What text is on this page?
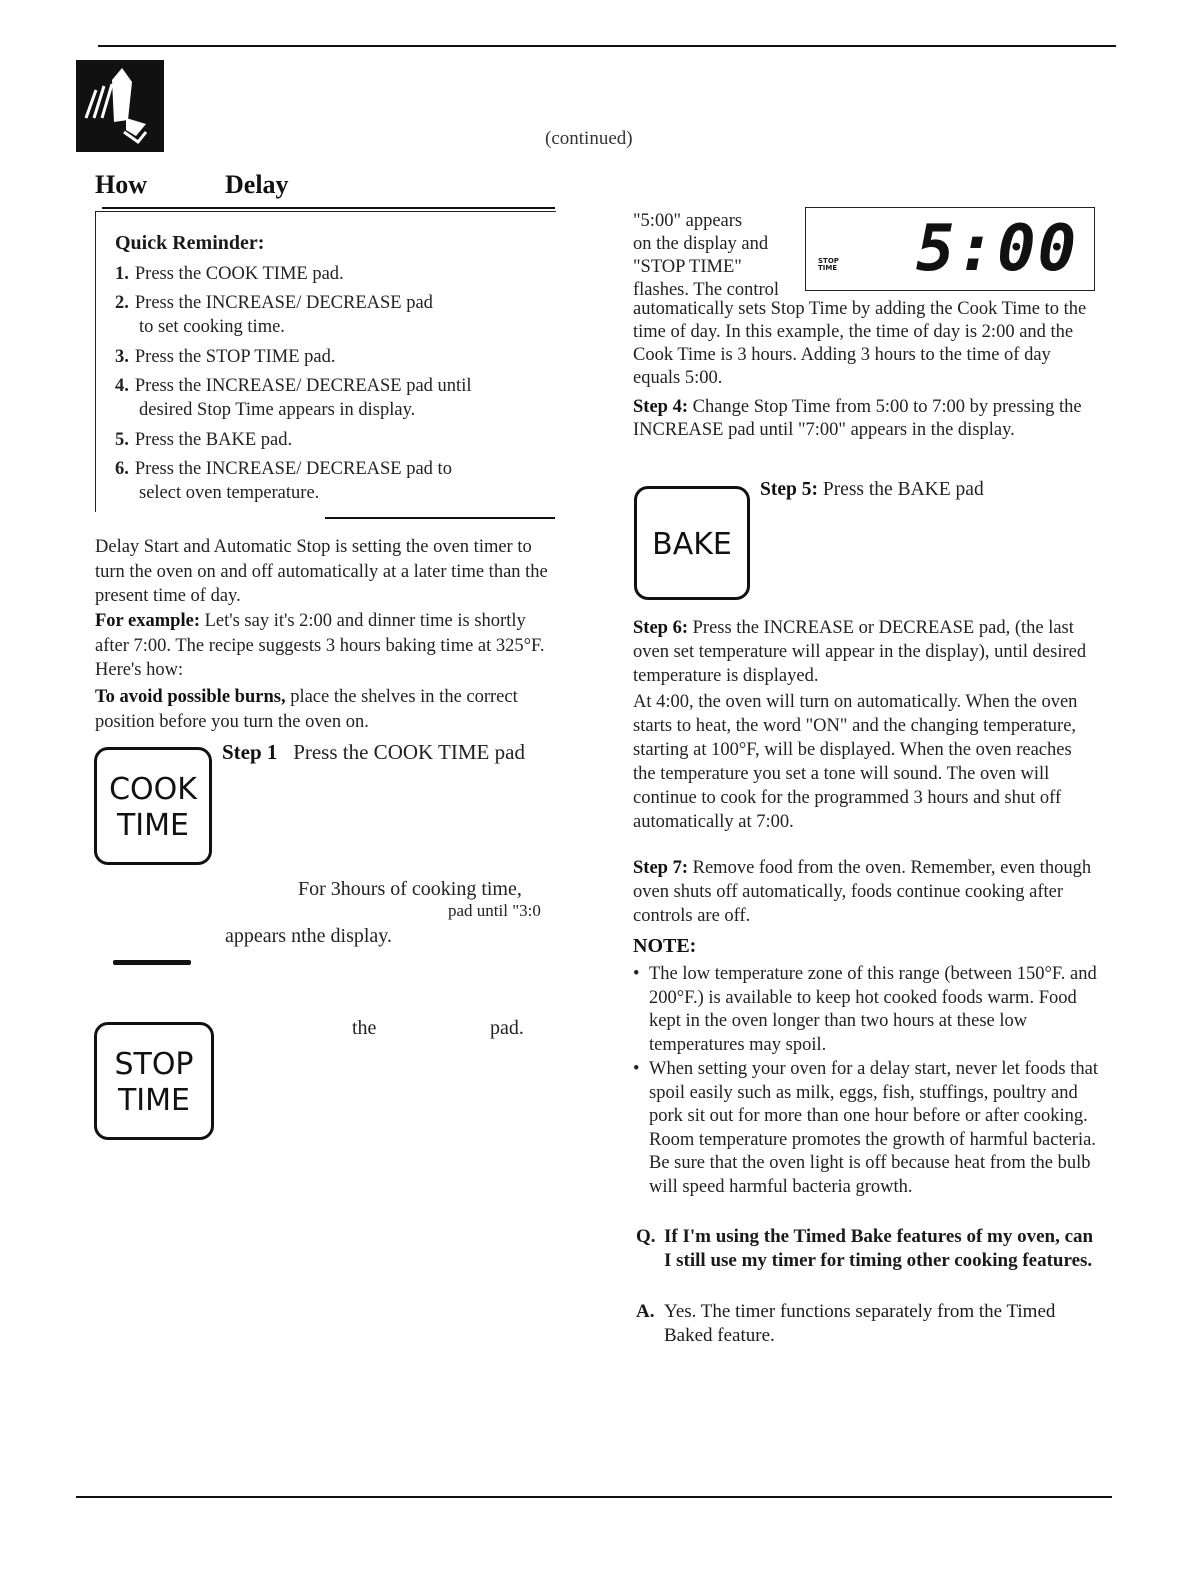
(continued)
How	Delay
Quick Reminder:
1. Press the COOK TIME pad.
2. Press the INCREASE/ DECREASE pad
to set cooking time.
3. Press the STOP TIME pad.
4. Press the INCREASE/ DECREASE pad until
desired Stop Time appears in display.
5. Press the BAKE pad.
6. Press the INCREASE/ DECREASE pad to
select oven temperature.
Delay Start and Automatic Stop is setting the oven timer to turn the oven on and off automatically at a later time than the present time of day.
For example: Let's say it's 2:00 and dinner time is shortly after 7:00. The recipe suggests 3 hours baking time at 325°F. Here's how:
To avoid possible burns, place the shelves in the correct position before you turn the oven on.
COOK
TIME
Step 1 Press the COOK TIME pad
For 3hours of cooking time,
pad until "3:0
appears nthe display.
the	pad.
STOP
TIME
"5:00" appears
on the display and
"STOP TIME"
flashes. The control
STOP
TIME 5:00
automatically sets Stop Time by adding the Cook Time to the time of day. In this example, the time of day is 2:00 and the Cook Time is 3 hours. Adding 3 hours to the time of day equals 5:00.
Step 4: Change Stop Time from 5:00 to 7:00 by pressing the INCREASE pad until "7:00" appears in the display.
BAKE
Step 5: Press the BAKE pad
Step 6: Press the INCREASE or DECREASE pad, (the last oven set temperature will appear in the display), until desired temperature is displayed.
At 4:00, the oven will turn on automatically. When the oven starts to heat, the word "ON" and the changing temperature, starting at 100°F, will be displayed. When the oven reaches the temperature you set a tone will sound. The oven will continue to cook for the programmed 3 hours and shut off automatically at 7:00.
Step 7: Remove food from the oven. Remember, even though oven shuts off automatically, foods continue cooking after controls are off.
NOTE:
• The low temperature zone of this range (between 150°F. and 200°F.) is available to keep hot cooked foods warm. Food kept in the oven longer than two hours at these low temperatures may spoil.
• When setting your oven for a delay start, never let foods that spoil easily such as milk, eggs, fish, stuffings, poultry and pork sit out for more than one hour before or after cooking. Room temperature promotes the growth of harmful bacteria. Be sure that the oven light is off because heat from the bulb will speed harmful bacteria growth.
Q. If I'm using the Timed Bake features of my oven, can I still use my timer for timing other cooking features.
A. Yes. The timer functions separately from the Timed Baked feature.
